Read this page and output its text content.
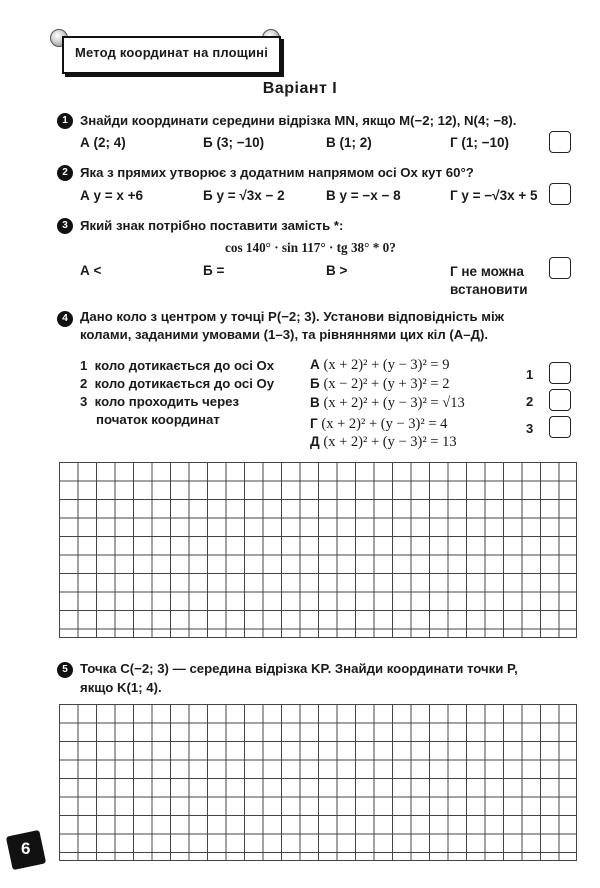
Метод координат на площині
Варіант І
1 Знайди координати середини відрізка MN, якщо M(−2; 12), N(4; −8).
А (2; 4)	Б (3; −10)	В (1; 2)	Г (1; −10)
2 Яка з прямих утворює з додатним напрямом осі Ox кут 60°?
А y = x +6	Б y = √3x − 2	В y = −x − 8	Г y = −√3x + 5
3 Який знак потрібно поставити замість *:
cos 140° · sin 117° · tg 38° * 0?
А <	Б =	В >	Г не можна встановити
4 Дано коло з центром у точці P(−2; 3). Установи відповідність між
колами, заданими умовами (1–3), та рівняннями цих кіл (А–Д).
1 коло дотикається до осі Ox
2 коло дотикається до осі Oy
3 коло проходить через
початок координат
А (x + 2)² + (y − 3)² = 9
Б (x − 2)² + (y + 3)² = 2
В (x + 2)² + (y − 3)² = √13
Г (x + 2)² + (y − 3)² = 4
Д (x + 2)² + (y − 3)² = 13
1
2
3
5 Точка C(−2; 3) — середина відрізка KP. Знайди координати точки P,
якщо K(1; 4).
6
